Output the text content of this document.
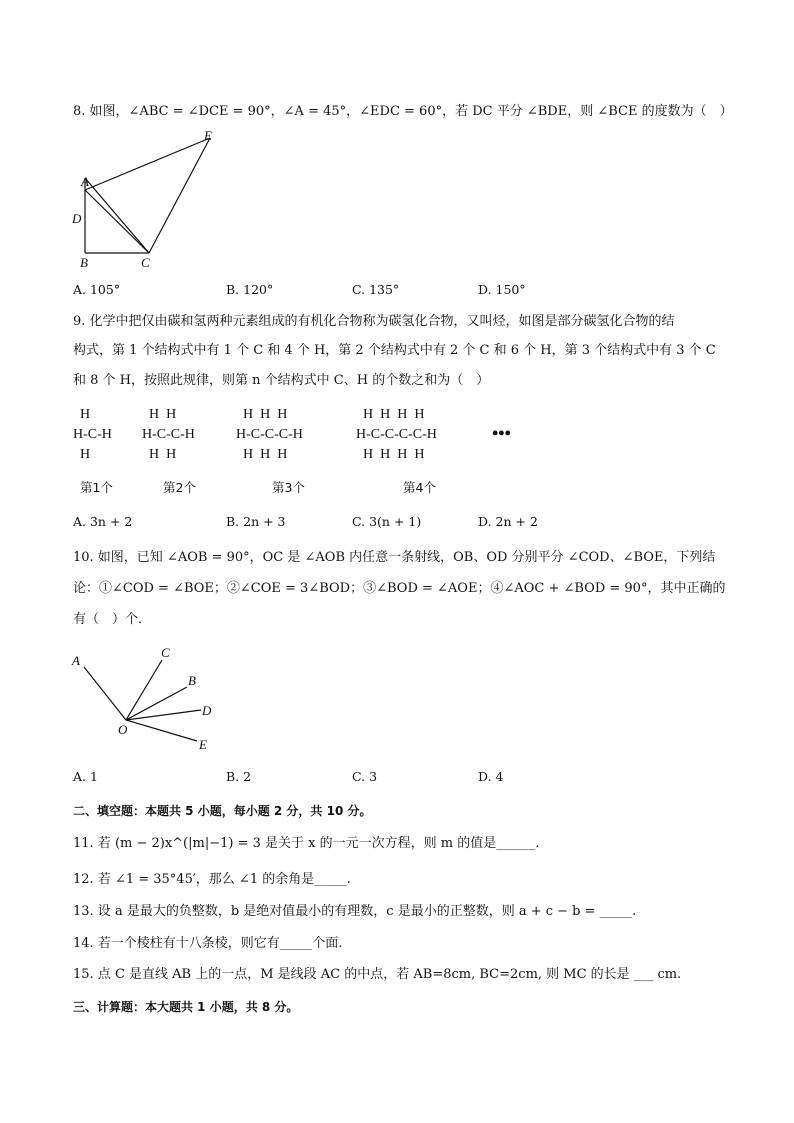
8. 如图，∠ABC = ∠DCE = 90°，∠A = 45°，∠EDC = 60°，若 DC 平分 ∠BDE，则 ∠BCE 的度数为（　）
E
A
D
B	C
A. 105°	B. 120°	C. 135°	D. 150°
9. 化学中把仅由碳和氢两种元素组成的有机化合物称为碳氢化合物，又叫烃，如图是部分碳氢化合物的结
构式，第 1 个结构式中有 1 个 C 和 4 个 H，第 2 个结构式中有 2 个 C 和 6 个 H，第 3 个结构式中有 3 个 C
和 8 个 H，按照此规律，则第 n 个结构式中 C、H 的个数之和为（　）
H
H-C-H
H
第1个
H  H
H-C-C-H
H  H
第2个
H  H  H
H-C-C-C-H
H  H  H
第3个
H  H  H  H
H-C-C-C-C-H
H  H  H  H
第4个
•••
A. 3n + 2	B. 2n + 3	C. 3(n + 1)	D. 2n + 2
10. 如图，已知 ∠AOB = 90°，OC 是 ∠AOB 内任意一条射线，OB、OD 分别平分 ∠COD、∠BOE，下列结
论：①∠COD = ∠BOE；②∠COE = 3∠BOD；③∠BOD = ∠AOE；④∠AOC + ∠BOD = 90°，其中正确的
有（　）个．
A
C
B
D
O
E
A. 1	B. 2	C. 3	D. 4
二、填空题：本题共 5 小题，每小题 2 分，共 10 分。
11. 若 (m − 2)x^(|m|−1) = 3 是关于 x 的一元一次方程，则 m 的值是______.
12. 若 ∠1 = 35°45′，那么 ∠1 的余角是_____.
13. 设 a 是最大的负整数，b 是绝对值最小的有理数，c 是最小的正整数，则 a + c − b = _____.
14. 若一个棱柱有十八条棱，则它有_____个面.
15. 点 C 是直线 AB 上的一点，M 是线段 AC 的中点，若 AB=8cm, BC=2cm, 则 MC 的长是 ___ cm.
三、计算题：本大题共 1 小题，共 8 分。
